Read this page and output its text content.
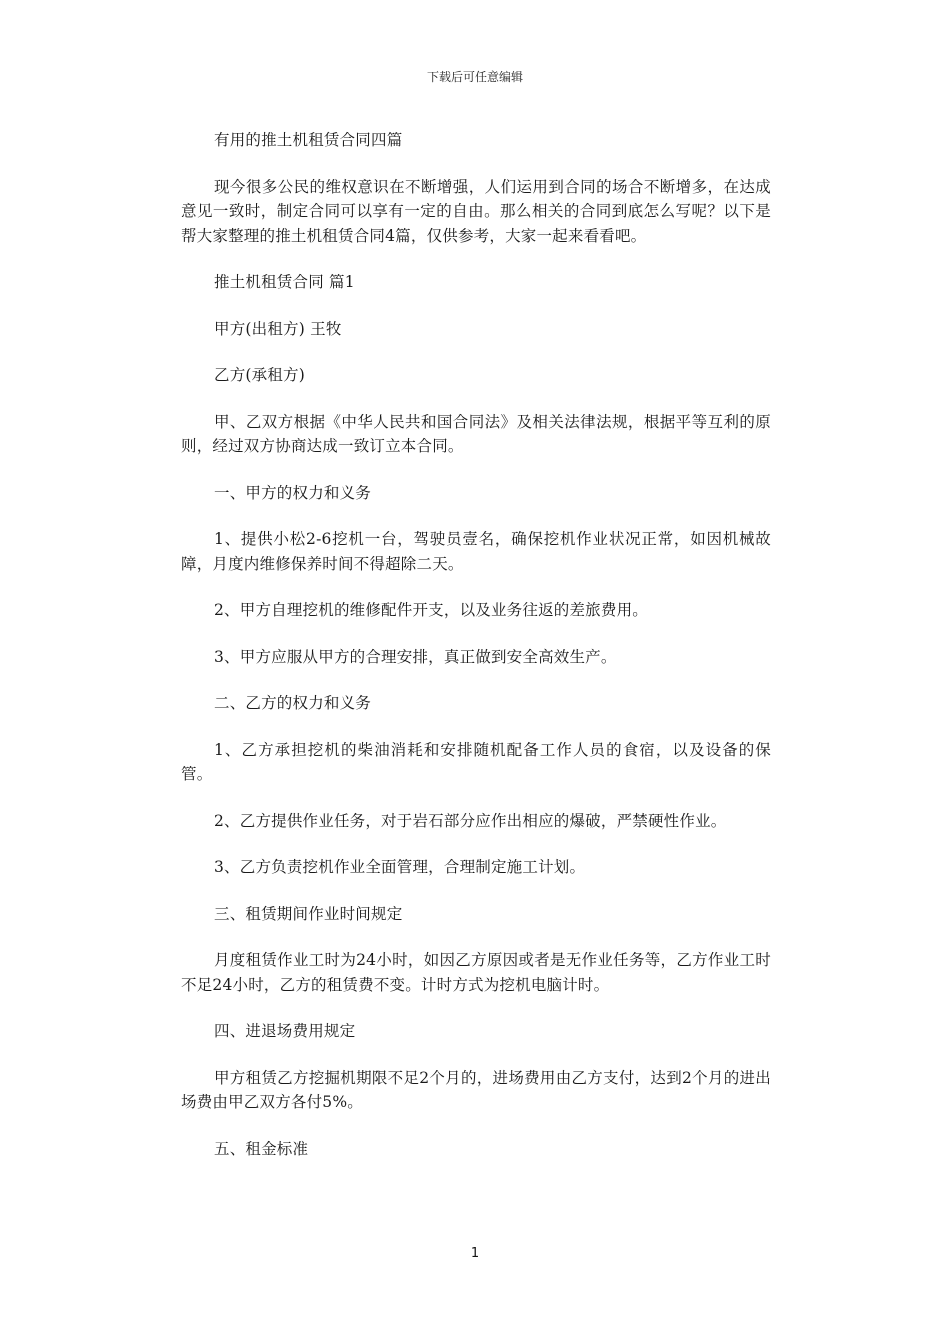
下载后可任意编辑

有用的推土机租赁合同四篇

现今很多公民的维权意识在不断增强，人们运用到合同的场合不断增多，在达成意见一致时，制定合同可以享有一定的自由。那么相关的合同到底怎么写呢？以下是帮大家整理的推土机租赁合同4篇，仅供参考，大家一起来看看吧。

推土机租赁合同 篇1

甲方(出租方) 王牧

乙方(承租方)

甲、乙双方根据《中华人民共和国合同法》及相关法律法规，根据平等互利的原则，经过双方协商达成一致订立本合同。

一、甲方的权力和义务

1、提供小松2-6挖机一台，驾驶员壹名，确保挖机作业状况正常，如因机械故障，月度内维修保养时间不得超除二天。

2、甲方自理挖机的维修配件开支，以及业务往返的差旅费用。

3、甲方应服从甲方的合理安排，真正做到安全高效生产。

二、乙方的权力和义务

1、乙方承担挖机的柴油消耗和安排随机配备工作人员的食宿，以及设备的保管。

2、乙方提供作业任务，对于岩石部分应作出相应的爆破，严禁硬性作业。

3、乙方负责挖机作业全面管理，合理制定施工计划。

三、租赁期间作业时间规定

月度租赁作业工时为24小时，如因乙方原因或者是无作业任务等，乙方作业工时不足24小时，乙方的租赁费不变。计时方式为挖机电脑计时。

四、进退场费用规定

甲方租赁乙方挖掘机期限不足2个月的，进场费用由乙方支付，达到2个月的进出场费由甲乙双方各付5%。

五、租金标准

1
